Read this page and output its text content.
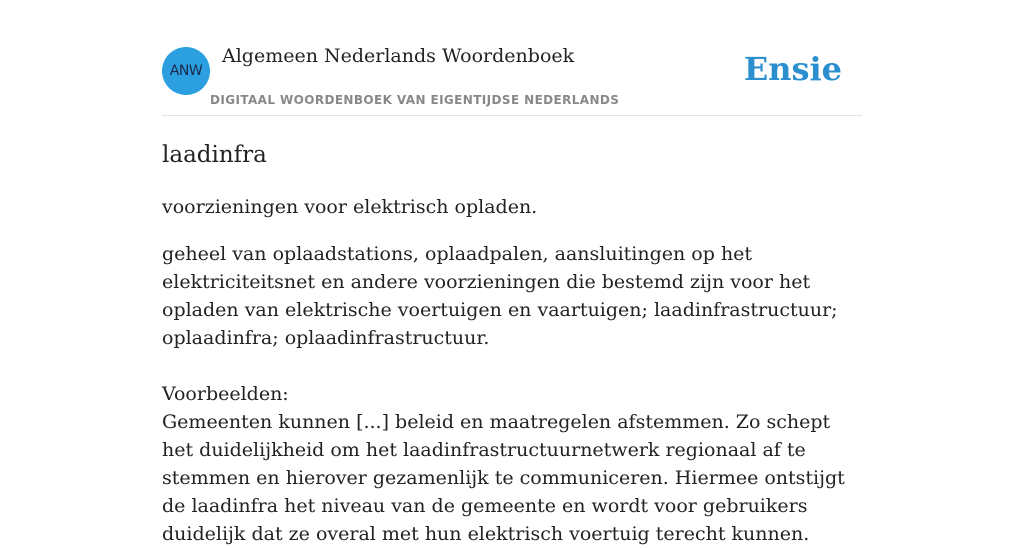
ANW
Algemeen Nederlands Woordenboek
DIGITAAL WOORDENBOEK VAN EIGENTIJDSE NEDERLANDS
Ensie
laadinfra

voorzieningen voor elektrisch opladen.

geheel van oplaadstations, oplaadpalen, aansluitingen op het elektriciteitsnet en andere voorzieningen die bestemd zijn voor het opladen van elektrische voertuigen en vaartuigen; laadinfrastructuur; oplaadinfra; oplaadinfrastructuur.

Voorbeelden:

Gemeenten kunnen [...] beleid en maatregelen afstemmen. Zo schept het duidelijkheid om het laadinfrastructuurnetwerk regionaal af te stemmen en hierover gezamenlijk te communiceren. Hiermee ontstijgt de laadinfra het niveau van de gemeente en wordt voor gebruikers duidelijk dat ze overal met hun elektrisch voertuig terecht kunnen.
